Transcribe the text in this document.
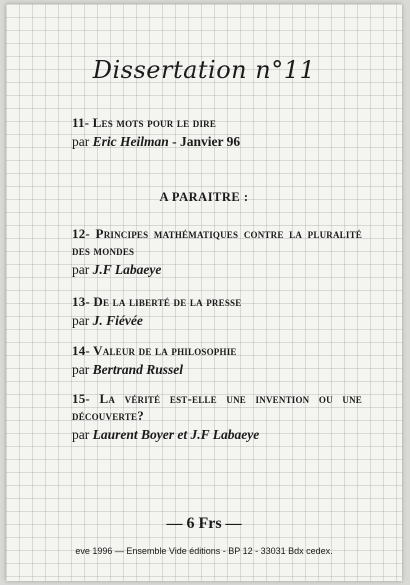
Dissertation n°11
11- Les mots pour le dire
par Eric Heilman - Janvier 96
A PARAITRE :
12- Principes mathématiques contre la pluralité des mondes
par J.F Labaeye
13- De la liberté de la presse
par J. Fiévée
14- Valeur de la philosophie
par Bertrand Russel
15- La vérité est-elle une invention ou une découverte?
par Laurent Boyer et J.F Labaeye
— 6 Frs —
eve 1996 — Ensemble Vide éditions - BP 12 - 33031 Bdx cedex.
